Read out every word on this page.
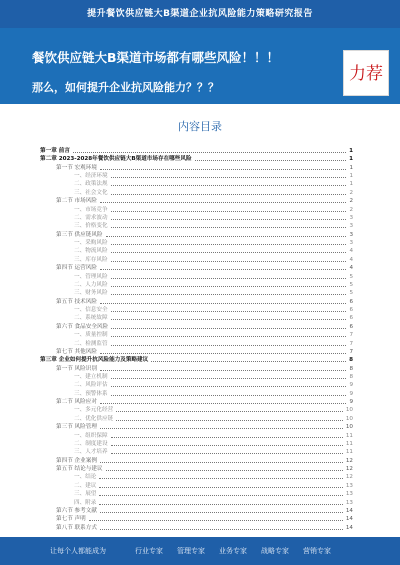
提升餐饮供应链大B渠道企业抗风险能力策略研究报告
餐饮供应链大B渠道市场都有哪些风险！！！
那么，如何提升企业抗风险能力？？？
力荐
内容目录
第一章 前言	1
第二章 2023-2028年餐饮供应链大B渠道市场存在哪些风险	1
第一节 宏观环境	1
一、经济环境	1
二、政策法规	1
三、社会文化	2
第二节 市场风险	2
一、市场竞争	2
二、需求波动	3
三、价格变化	3
第三节 供应链风险	3
一、采购风险	3
二、物流风险	4
三、库存风险	4
第四节 运营风险	4
一、管理风险	5
二、人力风险	5
三、财务风险	5
第五节 技术风险	6
一、信息安全	6
二、系统故障	6
第六节 食品安全风险	6
一、质量控制	7
二、检测监管	7
第七节 其他风险	7
第三章 企业如何提升抗风险能力及策略建议	8
第一节 风险识别	8
一、建立机制	8
二、风险评估	9
三、预警体系	9
第二节 风险应对	9
一、多元化经营	10
二、优化供应链	10
第三节 风险管理	10
一、组织保障	11
二、制度建设	11
三、人才培养	11
第四节 企业案例	12
第五节 结论与建议	12
一、结论	12
二、建议	13
三、展望	13
四、附录	13
第六节 参考文献	14
第七节 声明	14
第八节 联系方式	14
让每个人都能成为	行业专家 管理专家 业务专家 战略专家 营销专家
